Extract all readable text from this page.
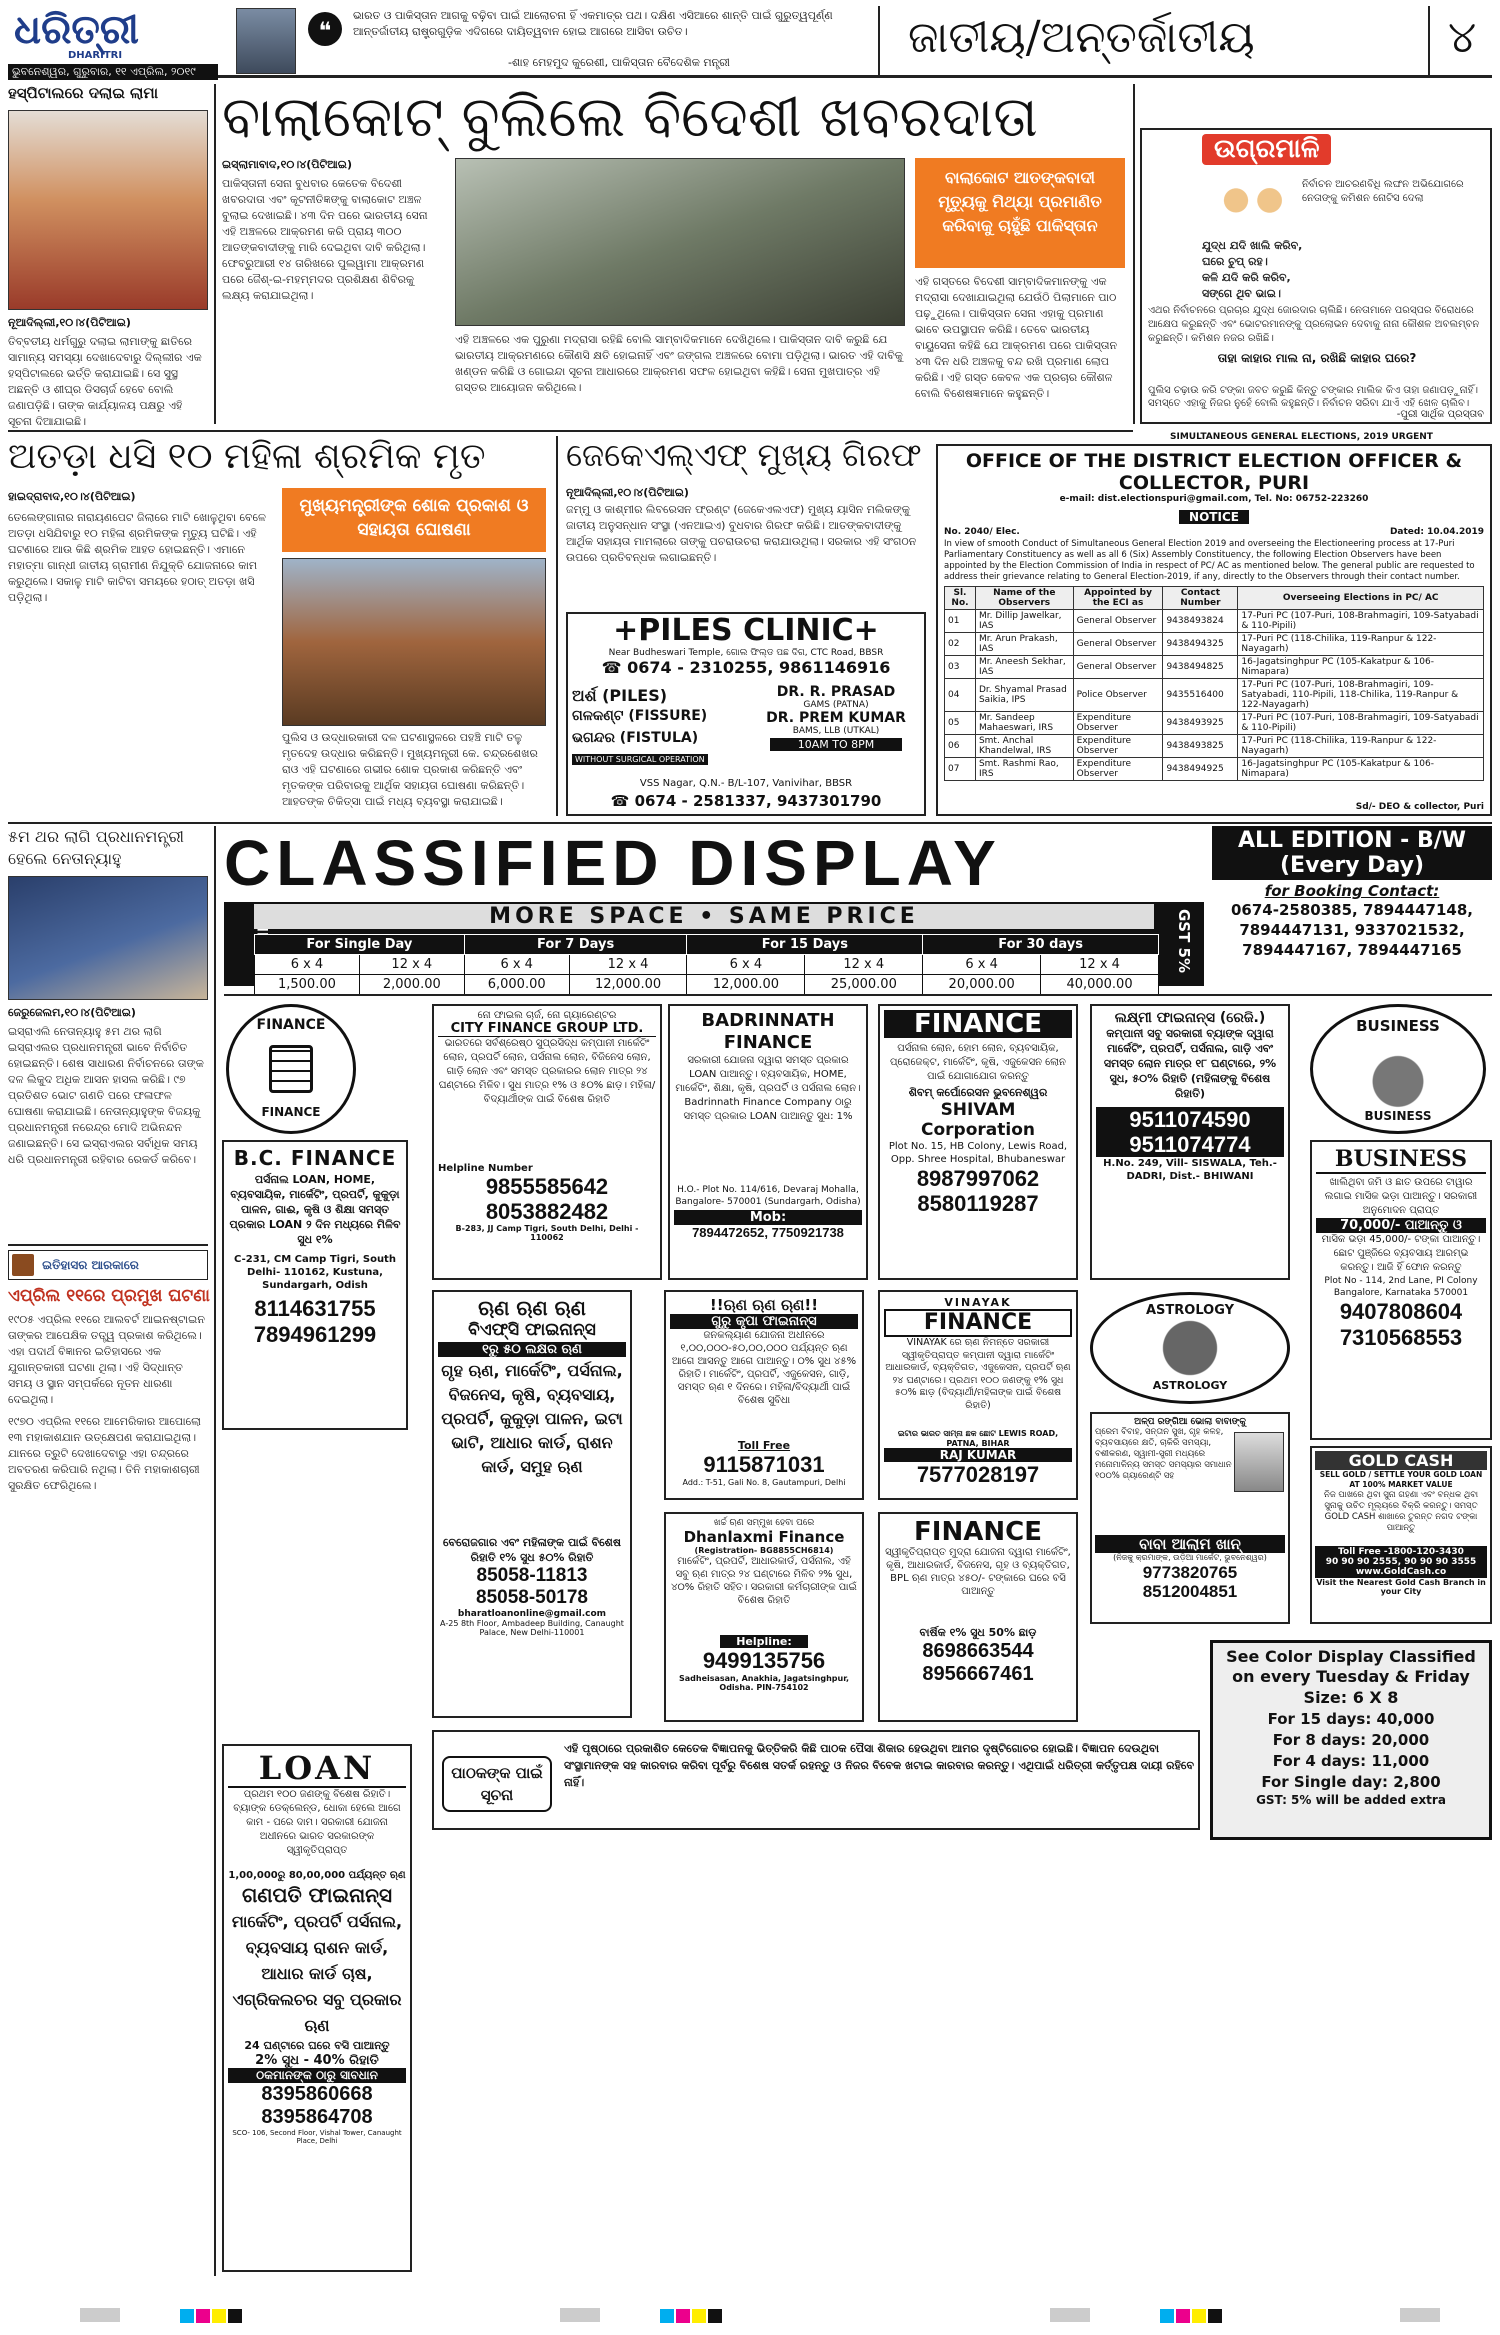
ଧରିତ୍ରୀ
DHARITRI
ଭୁବନେଶ୍ୱର, ଗୁରୁବାର, ୧୧ ଏପ୍ରିଲ, ୨୦୧୯
❝
ଭାରତ ଓ ପାକିସ୍ତାନ ଆଗକୁ ବଢ଼ିବା ପାଇଁ ଆଲୋଚନା ହିଁ ଏକମାତ୍ର ପଥ। ଦକ୍ଷିଣ ଏସିଆରେ ଶାନ୍ତି ପାଇଁ ଗୁରୁତ୍ୱପୂର୍ଣ୍ଣ ଆନ୍ତର୍ଜାତୀୟ ରାଷ୍ଟ୍ରଗୁଡ଼ିକ ଏଦିଗରେ ଦାୟିତ୍ୱବାନ ହୋଇ ଆଗରେ ଆସିବା ଉଚିତ।
-ଶାହ ମେହମୁଦ କୁରେଶୀ, ପାକିସ୍ତାନ ବୈଦେଶିକ ମନ୍ତ୍ରୀ	ଜାତୀୟ/ଅନ୍ତର୍ଜାତୀୟ	୪
ହସ୍ପିଟାଲରେ ଦଲାଇ ଲାମା
ନୂଆଦିଲ୍ଲୀ,୧୦।୪(ପିଟିଆଇ)
ତିବ୍ବତୀୟ ଧର୍ମଗୁରୁ ଦଲାଇ ଲାମାଙ୍କୁ ଛାତିରେ ସାମାନ୍ୟ ସମସ୍ୟା ଦେଖାଦେବାରୁ ଦିଲ୍ଲୀର ଏକ ହସ୍ପିଟାଲରେ ଭର୍ତ୍ତି କରାଯାଇଛି। ସେ ସୁସ୍ଥ ଅଛନ୍ତି ଓ ଶୀଘ୍ର ଡିସଚାର୍ଜ ହେବେ ବୋଲି ଜଣାପଡ଼ିଛି। ତାଙ୍କ କାର୍ଯ୍ୟାଳୟ ପକ୍ଷରୁ ଏହି ସୂଚନା ଦିଆଯାଇଛି।
ବାଲାକୋଟ୍ ବୁଲିଲେ ବିଦେଶୀ ଖବରଦାତା
ଇସ୍ଲାମାବାଦ,୧୦।୪(ପିଟିଆଇ)
ପାକିସ୍ତାନୀ ସେନା ବୁଧବାର କେତେକ ବିଦେଶୀ ଖବରଦାତା ଏବଂ କୂଟନୀତିଜ୍ଞଙ୍କୁ ବାଲାକୋଟ ଅଞ୍ଚଳ ବୁଲାଇ ଦେଖାଇଛି। ୪୩ ଦିନ ପରେ ଭାରତୀୟ ସେନା ଏହି ଅଞ୍ଚଳରେ ଆକ୍ରମଣ କରି ପ୍ରାୟ ୩୦୦ ଆତଙ୍କବାଦୀଙ୍କୁ ମାରି ଦେଇଥିବା ଦାବି କରିଥିଲା। ଫେବ୍ରୁଆରୀ ୧୪ ତାରିଖରେ ପୁଲୱାମା ଆକ୍ରମଣ ପରେ ଜୈଶ୍-ଇ-ମହମ୍ମଦର ପ୍ରଶିକ୍ଷଣ ଶିବିରକୁ ଲକ୍ଷ୍ୟ କରାଯାଇଥିଲା।
ଏହି ଅଞ୍ଚଳରେ ଏକ ପୁରୁଣା ମଦ୍ରାସା ରହିଛି ବୋଲି ସାମ୍ବାଦିକମାନେ ଦେଖିଥିଲେ। ପାକିସ୍ତାନ ଦାବି କରୁଛି ଯେ ଭାରତୀୟ ଆକ୍ରମଣରେ କୌଣସି କ୍ଷତି ହୋଇନାହିଁ ଏବଂ ଜଙ୍ଗଲ ଅଞ୍ଚଳରେ ବୋମା ପଡ଼ିଥିଲା। ଭାରତ ଏହି ଦାବିକୁ ଖଣ୍ଡନ କରିଛି ଓ ଗୋଇନ୍ଦା ସୂଚନା ଆଧାରରେ ଆକ୍ରମଣ ସଫଳ ହୋଇଥିବା କହିଛି। ସେନା ମୁଖପାତ୍ର ଏହି ଗସ୍ତର ଆୟୋଜନ କରିଥିଲେ।
ବାଲାକୋଟ ଆତଙ୍କବାଦୀ ମୃତ୍ୟୁକୁ ମିଥ୍ୟା ପ୍ରମାଣିତ କରିବାକୁ ଚାହୁଁଛି ପାକିସ୍ତାନ
ଏହି ଗସ୍ତରେ ବିଦେଶୀ ସାମ୍ବାଦିକମାନଙ୍କୁ ଏକ ମଦ୍ରାସା ଦେଖାଯାଇଥିଲା ଯେଉଁଠି ପିଲାମାନେ ପାଠ ପଢ଼ୁଥିଲେ। ପାକିସ୍ତାନ ସେନା ଏହାକୁ ପ୍ରମାଣ ଭାବେ ଉପସ୍ଥାପନ କରିଛି। ତେବେ ଭାରତୀୟ ବାୟୁସେନା କହିଛି ଯେ ଆକ୍ରମଣ ପରେ ପାକିସ୍ତାନ ୪୩ ଦିନ ଧରି ଅଞ୍ଚଳକୁ ବନ୍ଦ ରଖି ପ୍ରମାଣ ଲୋପ କରିଛି। ଏହି ଗସ୍ତ କେବଳ ଏକ ପ୍ରଚାର କୌଶଳ ବୋଲି ବିଶେଷଜ୍ଞମାନେ କହୁଛନ୍ତି।
ଉଗ୍ରମାଳି
ନିର୍ବାଚନ ଆଚରଣବିଧି ଲଙ୍ଘନ ଅଭିଯୋଗରେ ନେତାଙ୍କୁ କମିଶନ ନୋଟିସ ଦେଲା
ଯୁଦ୍ଧ ଯଦି ଖାଲି କରିବ,
ଘରେ ଚୁପ୍ ରହ।
କଳି ଯଦି କରି କରିବ,
ସଙ୍ଗେ ଥିବ ଭାଇ।
ଏଥର ନିର୍ବାଚନରେ ପ୍ରଚାର ଯୁଦ୍ଧ ଜୋରଦାର ଚାଲିଛି। ନେତାମାନେ ପରସ୍ପର ବିରୋଧରେ ଆକ୍ଷେପ କରୁଛନ୍ତି ଏବଂ ଭୋଟରମାନଙ୍କୁ ପ୍ରଲୋଭନ ଦେବାକୁ ନାନା କୌଶଳ ଅବଲମ୍ବନ କରୁଛନ୍ତି। କମିଶନ ନଜର ରଖିଛି।
ତାହା କାହାର ମାଲ ନା, ରଖିଛି କାହାର ଘରେ?
ପୁଲିସ ଚଢ଼ାଉ କରି ଟଙ୍କା ଜବତ କରୁଛି କିନ୍ତୁ ଟଙ୍କାର ମାଲିକ କିଏ ତାହା ଜଣାପଡ଼ୁନାହିଁ। ସମସ୍ତେ ଏହାକୁ ନିଜର ନୁହେଁ ବୋଲି କହୁଛନ୍ତି। ନିର୍ବାଚନ ସରିବା ଯାଏଁ ଏହି ଖେଳ ଚାଲିବ।
-ପୁରୀ ସାର୍ଥିକ ପ୍ରସ୍ତାବ
ଅତଡ଼ା ଧସି ୧୦ ମହିଳା ଶ୍ରମିକ ମୃତ
ହାଇଦ୍ରାବାଦ,୧୦।୪(ପିଟିଆଇ)	ମୁଖ୍ୟମନ୍ତ୍ରୀଙ୍କ ଶୋକ ପ୍ରକାଶ ଓ ସହାୟତା ଘୋଷଣା
ତେଲେଙ୍ଗାନାର ନାରାୟଣପେଟ ଜିଲାରେ ମାଟି ଖୋଳୁଥିବା ବେଳେ ଅତଡ଼ା ଧସିଯିବାରୁ ୧୦ ମହିଳା ଶ୍ରମିକଙ୍କ ମୃତ୍ୟୁ ଘଟିଛି। ଏହି ଘଟଣାରେ ଆଉ କିଛି ଶ୍ରମିକ ଆହତ ହୋଇଛନ୍ତି। ଏମାନେ ମହାତ୍ମା ଗାନ୍ଧୀ ଜାତୀୟ ଗ୍ରାମୀଣ ନିଯୁକ୍ତି ଯୋଜନାରେ କାମ କରୁଥିଲେ। ସକାଳୁ ମାଟି କାଟିବା ସମୟରେ ହଠାତ୍ ଅତଡ଼ା ଖସି ପଡ଼ିଥିଲା।
ପୁଲିସ ଓ ଉଦ୍ଧାରକାରୀ ଦଳ ଘଟଣାସ୍ଥଳରେ ପହଞ୍ଚି ମାଟି ତଳୁ ମୃତଦେହ ଉଦ୍ଧାର କରିଛନ୍ତି। ମୁଖ୍ୟମନ୍ତ୍ରୀ କେ. ଚନ୍ଦ୍ରଶେଖର ରାଓ ଏହି ଘଟଣାରେ ଗଭୀର ଶୋକ ପ୍ରକାଶ କରିଛନ୍ତି ଏବଂ ମୃତକଙ୍କ ପରିବାରକୁ ଆର୍ଥିକ ସହାୟତା ଘୋଷଣା କରିଛନ୍ତି। ଆହତଙ୍କ ଚିକିତ୍ସା ପାଇଁ ମଧ୍ୟ ବ୍ୟବସ୍ଥା କରାଯାଇଛି।
ଜେକେଏଲ୍‌ଏଫ୍ ମୁଖ୍ୟ ଗିରଫ
ନୂଆଦିଲ୍ଲୀ,୧୦।୪(ପିଟିଆଇ)
ଜମ୍ମୁ ଓ କାଶ୍ମୀର ଲିବରେସନ ଫ୍ରଣ୍ଟ (ଜେକେଏଲଏଫ) ମୁଖ୍ୟ ୟାସିନ ମଲିକଙ୍କୁ ଜାତୀୟ ଅନୁସନ୍ଧାନ ସଂସ୍ଥା (ଏନଆଇଏ) ବୁଧବାର ଗିରଫ କରିଛି। ଆତଙ୍କବାଦୀଙ୍କୁ ଆର୍ଥିକ ସହାୟତା ମାମଲାରେ ତାଙ୍କୁ ପଚରାଉଚରା କରାଯାଉଥିଲା। ସରକାର ଏହି ସଂଗଠନ ଉପରେ ପ୍ରତିବନ୍ଧକ ଲଗାଇଛନ୍ତି।
+PILES CLINIC+
Near Budheswari Temple, ଗୋଲ ଫିଲ୍ଡ ପଛ ଦିଗ, CTC Road, BBSR
☎ 0674 - 2310255, 9861146916
ଅର୍ଶ (PILES)
ଗଳକଣ୍ଟ (FISSURE)
ଭଗନ୍ଦର (FISTULA)
WITHOUT SURGICAL OPERATION
DR. R. PRASAD
GAMS (PATNA)
DR. PREM KUMAR
BAMS, LLB (UTKAL)
10AM TO 8PM
VSS Nagar, Q.N.- B/L-107, Vanivihar, BBSR
☎ 0674 - 2581337, 9437301790
SIMULTANEOUS GENERAL ELECTIONS, 2019 URGENT
OFFICE OF THE DISTRICT ELECTION OFFICER & COLLECTOR, PURI
e-mail: dist.electionspuri@gmail.com, Tel. No: 06752-223260
NOTICE
No. 2040/ Elec.	Dated: 10.04.2019
In view of smooth Conduct of Simultaneous General Election 2019 and overseeing the Electioneering process at 17-Puri Parliamentary Constituency as well as all 6 (Six) Assembly Constituency, the following Election Observers have been appointed by the Election Commission of India in respect of PC/ AC as mentioned below. The general public are requested to address their grievance relating to General Election-2019, if any, directly to the Observers through their contact number.
Sl. No.	Name of the Observers	Appointed by the ECI as	Contact Number	Overseeing Elections in PC/ AC
01	Mr. Dillip Jawelkar, IAS	General Observer	9438493824	17-Puri PC (107-Puri, 108-Brahmagiri, 109-Satyabadi & 110-Pipili)
02	Mr. Arun Prakash, IAS	General Observer	9438494325	17-Puri PC (118-Chilika, 119-Ranpur & 122-Nayagarh)
03	Mr. Aneesh Sekhar, IAS	General Observer	9438494825	16-Jagatsinghpur PC (105-Kakatpur & 106-Nimapara)
04	Dr. Shyamal Prasad Saikia, IPS	Police Observer	9435516400	17-Puri PC (107-Puri, 108-Brahmagiri, 109-Satyabadi, 110-Pipili, 118-Chilika, 119-Ranpur & 122-Nayagarh)
05	Mr. Sandeep Mahaeswari, IRS	Expenditure Observer	9438493925	17-Puri PC (107-Puri, 108-Brahmagiri, 109-Satyabadi & 110-Pipili)
06	Smt. Anchal Khandelwal, IRS	Expenditure Observer	9438493825	17-Puri PC (118-Chilika, 119-Ranpur & 122-Nayagarh)
07	Smt. Rashmi Rao, IRS	Expenditure Observer	9438494925	16-Jagatsinghpur PC (105-Kakatpur & 106-Nimapara)
Sd/- DEO & collector, Puri
୫ମ ଥର ଲାଗି ପ୍ରଧାନମନ୍ତ୍ରୀ ହେଲେ ନେତାନ୍ୟାହୁ
ଜେରୁଜେଲମ,୧୦।୪(ପିଟିଆଇ)
ଇସ୍ରାଏଲି ନେତାନ୍ୟାହୁ ୫ମ ଥର ଲାଗି ଇସ୍ରାଏଲର ପ୍ରଧାନମନ୍ତ୍ରୀ ଭାବେ ନିର୍ବାଚିତ ହୋଇଛନ୍ତି। ଶେଷ ସାଧାରଣ ନିର୍ବାଚନରେ ତାଙ୍କ ଦଳ ଲିକୁଦ ଅଧିକ ଆସନ ହାସଲ କରିଛି। ୯୭ ପ୍ରତିଶତ ଭୋଟ ଗଣତି ପରେ ଫଳାଫଳ ଘୋଷଣା କରାଯାଇଛି। ନେତାନ୍ୟାହୁଙ୍କ ବିଜୟକୁ ପ୍ରଧାନମନ୍ତ୍ରୀ ନରେନ୍ଦ୍ର ମୋଦି ଅଭିନନ୍ଦନ ଜଣାଇଛନ୍ତି। ସେ ଇସ୍ରାଏଲର ସର୍ବାଧିକ ସମୟ ଧରି ପ୍ରଧାନମନ୍ତ୍ରୀ ରହିବାର ରେକର୍ଡ କରିବେ।
$^{ଇତିହାସର ଆରକାରେ}$
ଏପ୍ରିଲ ୧୧ରେ ପ୍ରମୁଖ ଘଟଣା
୧୯୦୫ ଏପ୍ରିଲ ୧୧ରେ ଆଲବର୍ଟ ଆଇନଷ୍ଟାଇନ ତାଙ୍କର ଆପେକ୍ଷିକ ତତ୍ତ୍ୱ ପ୍ରକାଶ କରିଥିଲେ। ଏହା ପଦାର୍ଥ ବିଜ୍ଞାନର ଇତିହାସରେ ଏକ ଯୁଗାନ୍ତକାରୀ ଘଟଣା ଥିଲା। ଏହି ସିଦ୍ଧାନ୍ତ ସମୟ ଓ ସ୍ଥାନ ସମ୍ପର୍କରେ ନୂତନ ଧାରଣା ଦେଇଥିଲା।
୧୯୭୦ ଏପ୍ରିଲ ୧୧ରେ ଆମେରିକାର ଆପୋଲୋ ୧୩ ମହାକାଶଯାନ ଉତ୍କ୍ଷେପଣ କରାଯାଇଥିଲା। ଯାନରେ ତ୍ରୁଟି ଦେଖାଦେବାରୁ ଏହା ଚନ୍ଦ୍ରରେ ଅବତରଣ କରିପାରି ନଥିଲା। ତିନି ମହାକାଶଚାରୀ ସୁରକ୍ଷିତ ଫେରିଥିଲେ।
CLASSIFIED DISPLAY
MORE SPACE • SAME PRICE
For Single Day		For 7 Days		For 15 Days		For 30 days	
6 x 4	12 x 4	6 x 4	12 x 4	6 x 4	12 x 4	6 x 4	12 x 4
1,500.00	2,000.00	6,000.00	12,000.00	12,000.00	25,000.00	20,000.00	40,000.00
GST 5%
ALL EDITION - B/W
(Every Day)
for Booking Contact:
0674-2580385, 7894447148, 7894447131, 9337021532, 7894447167, 7894447165
FINANCE
FINANCE
B.C. FINANCE
ପର୍ସନାଲ LOAN, HOME, ବ୍ୟବସାୟିକ, ମାର୍କେଟିଂ, ପ୍ରପର୍ଟି, କୁକୁଡ଼ା ପାଳନ, ଗାଈ, କୃଷି ଓ ଶିକ୍ଷା ସମସ୍ତ ପ୍ରକାର LOAN ୨ ଦିନ ମଧ୍ୟରେ ମିଳିବ ସୁଧ ୧%
C-231, CM Camp Tigri, South Delhi- 110162, Kustuna, Sundargarh, Odish
8114631755
7894961299
ନୋ ଫାଇଲ ଚାର୍ଜ, ନୋ ଗ୍ୟାରେଣ୍ଟର
CITY FINANCE GROUP LTD.
ଭାରତରେ ସର୍ବଶ୍ରେଷ୍ଠ ସୁପ୍ରସିଦ୍ଧ କମ୍ପାନୀ ମାର୍କେଟିଂ ଲୋନ, ପ୍ରପର୍ଟି ଲୋନ, ପର୍ସନାଲ ଲୋନ, ବିଜିନେସ ଲୋନ, ଗାଡ଼ି ଲୋନ ଏବଂ ସମସ୍ତ ପ୍ରକାରର ଲୋନ ମାତ୍ର ୨୪ ଘଣ୍ଟାରେ ମିଳିବ। ସୁଧ ମାତ୍ର ୧% ଓ ୫୦% ଛାଡ଼। ମହିଳା/ବିଦ୍ୟାର୍ଥୀଙ୍କ ପାଇଁ ବିଶେଷ ରିହାତି
Helpline Number
9855585642
8053882482
B-283, JJ Camp Tigri, South Delhi, Delhi - 110062
BADRINNATH FINANCE
ସରକାରୀ ଯୋଜନା ଦ୍ୱାରା ସମସ୍ତ ପ୍ରକାର LOAN ପାଆନ୍ତୁ। ବ୍ୟବସାୟିକ, HOME, ମାର୍କେଟିଂ, ଶିକ୍ଷା, କୃଷି, ପ୍ରପର୍ଟି ଓ ପର୍ସନାଲ ଲୋନ। Badrinnath Finance Company ଠାରୁ ସମସ୍ତ ପ୍ରକାର LOAN ପାଆନ୍ତୁ ସୁଧ: 1%
H.O.- Plot No. 114/616, Devaraj Mohalla, Bangalore- 570001 (Sundargarh, Odisha)
Mob:
7894472652, 7750921738
FINANCE
ପର୍ସନାଲ ଲୋନ, ହୋମ ଲୋନ, ବ୍ୟବସାୟିକ, ପ୍ରୋଜେକ୍ଟ, ମାର୍କେଟିଂ, କୃଷି, ଏଜୁକେସନ ଲୋନ ପାଇଁ ଯୋଗାଯୋଗ କରନ୍ତୁ
ଶିବମ୍ କର୍ପୋରେସନ ଭୁବନେଶ୍ୱର
SHIVAM Corporation
Plot No. 15, HB Colony, Lewis Road, Opp. Shree Hospital, Bhubaneswar
8987997062
8580119287
ଲକ୍ଷ୍ମୀ ଫାଇନାନ୍ସ (ରେଜି.)
କମ୍ପାନୀ ସବୁ ସରକାରୀ ବ୍ୟାଙ୍କ ଦ୍ୱାରା ମାର୍କେଟିଂ, ପ୍ରପର୍ଟି, ପର୍ସନାଲ, ଗାଡ଼ି ଏବଂ ସମସ୍ତ ଲୋନ ମାତ୍ର ୧୮ ଘଣ୍ଟାରେ, ୨% ସୁଧ, ୫୦% ରିହାତି (ମହିଳାଙ୍କୁ ବିଶେଷ ରିହାତି)
9511074590
9511074774
H.No. 249, Vill- SISWALA, Teh.- DADRI, Dist.- BHIWANI
BUSINESS
BUSINESS
BUSINESS
ଖାଲିଥିବା ଜମି ଓ ଛାତ ଉପରେ ଟାୱାର ଲଗାଇ ମାସିକ ଭଡ଼ା ପାଆନ୍ତୁ। ସରକାରୀ ଅନୁମୋଦନ ପ୍ରାପ୍ତ
70,000/- ପାଆନ୍ତୁ ଓ
ମାସିକ ଭଡ଼ା 45,000/- ଟଙ୍କା ପାଆନ୍ତୁ। ଛୋଟ ପୁଞ୍ଜିରେ ବ୍ୟବସାୟ ଆରମ୍ଭ କରନ୍ତୁ। ଆଜି ହିଁ ଫୋନ କରନ୍ତୁ
Plot No - 114, 2nd Lane, PI Colony Bangalore, Karnataka 570001
9407808604
7310568553
ଋଣ ଋଣ ଋଣ
ବିଏଫ୍‌ସି ଫାଇନାନ୍ସ
୧ରୁ ୫୦ ଲକ୍ଷର ଋଣ
ଗୃହ ଋଣ, ମାର୍କେଟିଂ, ପର୍ସନାଲ, ବିଜନେସ, କୃଷି, ବ୍ୟବସାୟ, ପ୍ରପର୍ଟି, କୁକୁଡ଼ା ପାଳନ, ଇଟା ଭାଟି, ଆଧାର କାର୍ଡ, ରାଶନ କାର୍ଡ, ସମୁହ ଋଣ
ବେରୋଜଗାର ଏବଂ ମହିଳାଙ୍କ ପାଇଁ ବିଶେଷ ରିହାତି ୧% ସୁଧ ୫୦% ରିହାତି
85058-11813
85058-50178
bharatloanonline@gmail.com
A-25 8th Floor, Ambadeep Building, Canaught Palace, New Delhi-110001
!!ଋଣ ଋଣ ଋଣ!!
ଗୁରୁ କୃପା ଫାଇନାନ୍ସ
ଜନକଲ୍ୟାଣ ଯୋଜନା ଅଧୀନରେ ୧,୦୦,୦୦୦-୫୦,୦୦,୦୦୦ ପର୍ଯ୍ୟନ୍ତ ଋଣ ଆଗେ ଆସନ୍ତୁ ଆଗେ ପାଆନ୍ତୁ। ୦% ସୁଧ ୪୫% ରିହାତି। ମାର୍କେଟିଂ, ପ୍ରପର୍ଟି, ଏଜୁକେସନ, ଗାଡ଼ି, ସମସ୍ତ ଋଣ ୧ ଦିନରେ। ମହିଳା/ବିଦ୍ୟାର୍ଥୀ ପାଇଁ ବିଶେଷ ସୁବିଧା
Toll Free
9115871031
Add.: T-51, Gali No. 8, Gautampuri, Delhi
ଖର୍ଚ୍ଚ ଋଣ ସମ୍ମୁଖ ହେବା ପରେ
Dhanlaxmi Finance
(Registration- BG8855CH6814)
ମାର୍କେଟିଂ, ପ୍ରପର୍ଟି, ଆଧାରକାର୍ଡ, ପର୍ସନାଲ, ଏହି ସବୁ ଋଣ ମାତ୍ର ୨୪ ଘଣ୍ଟାରେ ମିଳିବ ୨% ସୁଧ, ୪୦% ରିହାତି ସହିତ। ସରକାରୀ କର୍ମଚାରୀଙ୍କ ପାଇଁ ବିଶେଷ ରିହାତି
Helpline:
9499135756
Sadheisasan, Anakhia, Jagatsinghpur, Odisha. PIN-754102
VINAYAK
FINANCE
VINAYAK ରେ ଋଣ ନିମନ୍ତେ ସରକାରୀ ସ୍ୱୀକୃତିପ୍ରାପ୍ତ କମ୍ପାନୀ ଦ୍ୱାରା ମାର୍କେଟିଂ ଆଧାରକାର୍ଡ, ବ୍ୟକ୍ତିଗତ, ଏଜୁକେସନ, ପ୍ରପର୍ଟି ଋଣ ୨୪ ଘଣ୍ଟାରେ। ପ୍ରଥମ ୧୦୦ ଜଣଙ୍କୁ ୧% ସୁଧ ୫୦% ଛାଡ଼ (ବିଦ୍ୟାର୍ଥୀ/ମହିଳାଙ୍କ ପାଇଁ ବିଶେଷ ରିହାତି)
ଇଟାର ଭାରତ ସାମ୍ନା ଛକ ଛୋଟ LEWIS ROAD, PATNA, BIHAR
RAJ KUMAR
7577028197
FINANCE
ସ୍ୱୀକୃତିପ୍ରାପ୍ତ ମୁଦ୍ରା ଯୋଜନା ଦ୍ୱାରା ମାର୍କେଟିଂ, କୃଷି, ଆଧାରକାର୍ଡ, ବିଜନେସ, ଗୃହ ଓ ବ୍ୟକ୍ତିଗତ, BPL ଋଣ ମାତ୍ର ୪୫୦/- ଟଙ୍କାରେ ଘରେ ବସି ପାଆନ୍ତୁ
ବାର୍ଷିକ ୧% ସୁଧ 50% ଛାଡ଼
8698663544
8956667461
ASTROLOGY
ASTROLOGY
ଅଳ୍ପ ରଙ୍ଗିଆ ଭୋଲା ବାବାଙ୍କୁ
ପ୍ରେମ ବିବାହ, ସନ୍ତାନ ସୁଖ, ଗୃହ କଳହ, ବ୍ୟବସାୟରେ କ୍ଷତି, ଚାକିରି ସମସ୍ୟା, ବଶୀକରଣ, ସ୍ୱାମୀ-ସ୍ତ୍ରୀ ମଧ୍ୟରେ ମନୋମାଳିନ୍ୟ ସମସ୍ତ ସମସ୍ୟାର ସମାଧାନ ୧୦୦% ଗ୍ୟାରେଣ୍ଟି ସହ
ବାବା ଆଲାମ ଖାନ୍
(ନିଜକୁ କ୍ରମାଙ୍କ, ଉଡ଼ିଆ ମାର୍କେଟ, ଭୁବନେଶ୍ୱର)
9773820765
8512004851
GOLD CASH
SELL GOLD / SETTLE YOUR GOLD LOAN AT 100% MARKET VALUE
ନିଜ ପାଖରେ ଥିବା ସୁନା ଗହଣା ଏବଂ ବନ୍ଧକ ଥିବା ସୁନାକୁ ଉଚିତ ମୂଲ୍ୟରେ ବିକ୍ରି କରନ୍ତୁ। ସମସ୍ତ GOLD CASH ଶାଖାରେ ତୁରନ୍ତ ନଗଦ ଟଙ୍କା ପାଆନ୍ତୁ
Toll Free -1800-120-3430
90 90 90 2555, 90 90 90 3555
www.GoldCash.co
Visit the Nearest Gold Cash Branch in your City
LOAN
ପ୍ରଥମ ୧୦୦ ଜଣଙ୍କୁ ବିଶେଷ ରିହାତି। ବ୍ୟାଙ୍କ ଡେକ୍ଲେନ୍ଡ, ଧୋକା ହେଲେ ଆଗେ କାମ - ପରେ ଦାମ। ସରକାରୀ ଯୋଜନା ଅଧୀନରେ ଭାରତ ସରକାରଙ୍କ ସ୍ୱୀକୃତିପ୍ରାପ୍ତ
1,00,000ରୁ 80,00,000 ପର୍ଯ୍ୟନ୍ତ ଋଣ
ଗଣପତି ଫାଇନାନ୍ସ
ମାର୍କେଟିଂ, ପ୍ରପର୍ଟି ପର୍ସନାଲ, ବ୍ୟବସାୟ ରାଶନ କାର୍ଡ, ଆଧାର କାର୍ଡ ଚାଷ, ଏଗ୍ରିକଲଚର ସବୁ ପ୍ରକାର ଋଣ
24 ଘଣ୍ଟାରେ ଘରେ ବସି ପାଆନ୍ତୁ
2% ସୁଧ - 40% ରିହାତି
ଠକମାନଙ୍କ ଠାରୁ ସାବଧାନ
8395860668
8395864708
SCO- 106, Second Floor, Vishal Tower, Canaught Place, Delhi
ପାଠକଙ୍କ ପାଇଁ ସୂଚନା
ଏହି ପୃଷ୍ଠାରେ ପ୍ରକାଶିତ କେତେକ ବିଜ୍ଞାପନକୁ ଭିତ୍ତିକରି କିଛି ପାଠକ ପୈସା ଶିକାର ହେଉଥିବା ଆମର ଦୃଷ୍ଟିଗୋଚର ହୋଇଛି। ବିଜ୍ଞାପନ ଦେଉଥିବା ସଂସ୍ଥାମାନଙ୍କ ସହ କାରବାର କରିବା ପୂର୍ବରୁ ବିଶେଷ ସତର୍କ ରହନ୍ତୁ ଓ ନିଜର ବିବେକ ଖଟାଇ କାରବାର କରନ୍ତୁ। ଏଥିପାଇଁ ଧରିତ୍ରୀ କର୍ତ୍ତୃପକ୍ଷ ଦାୟୀ ରହିବେ ନାହିଁ।
See Color Display Classified on every Tuesday & Friday
Size: 6 X 8
For 15 days: 40,000
For 8 days: 20,000
For 4 days: 11,000
For Single day: 2,800
GST: 5% will be added extra
